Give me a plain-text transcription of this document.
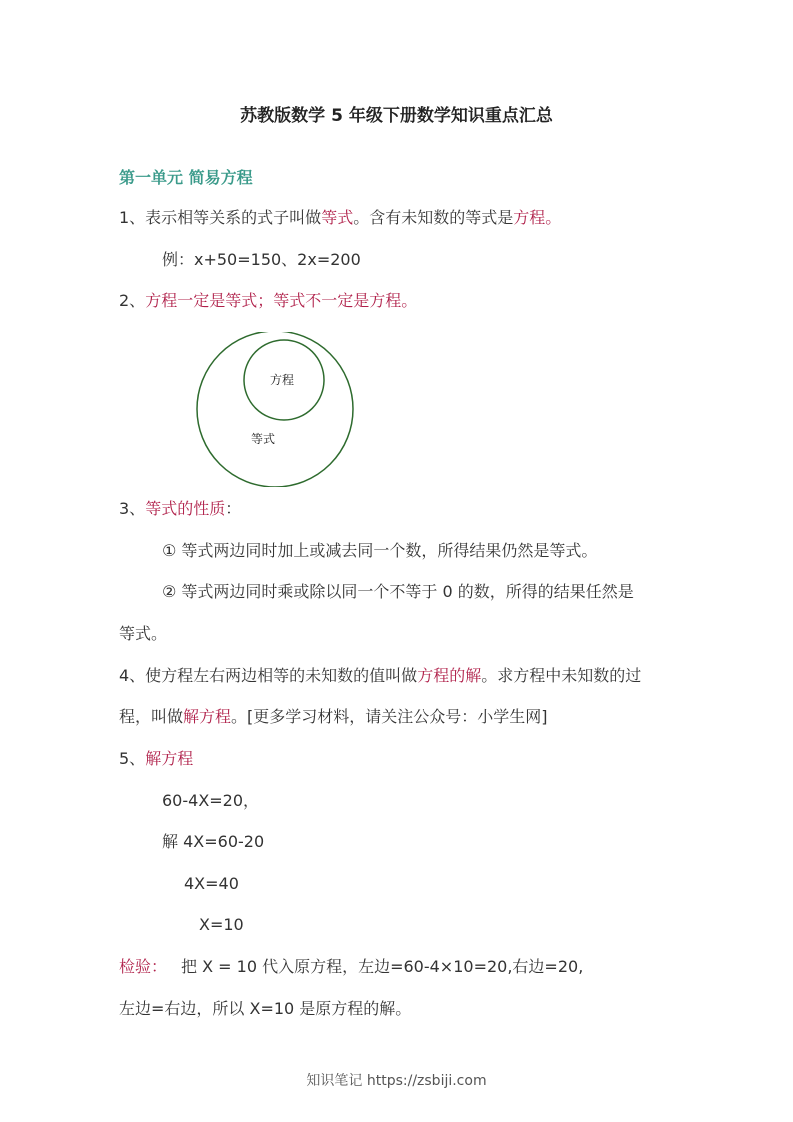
苏教版数学 5 年级下册数学知识重点汇总
第一单元 简易方程
1、表示相等关系的式子叫做等式。含有未知数的等式是方程。
例：x+50=150、2x=200
2、方程一定是等式；等式不一定是方程。
方程
等式
3、等式的性质：
① 等式两边同时加上或减去同一个数，所得结果仍然是等式。
② 等式两边同时乘或除以同一个不等于 0 的数，所得的结果任然是
等式。
4、使方程左右两边相等的未知数的值叫做方程的解。求方程中未知数的过
程，叫做解方程。[更多学习材料，请关注公众号：小学生网]
5、解方程
60-4X=20，
解 4X=60-20
4X=40
X=10
检验： 把 X = 10 代入原方程，左边=60-4×10=20,右边=20,
左边=右边，所以 X=10 是原方程的解。
知识笔记 https://zsbiji.com
